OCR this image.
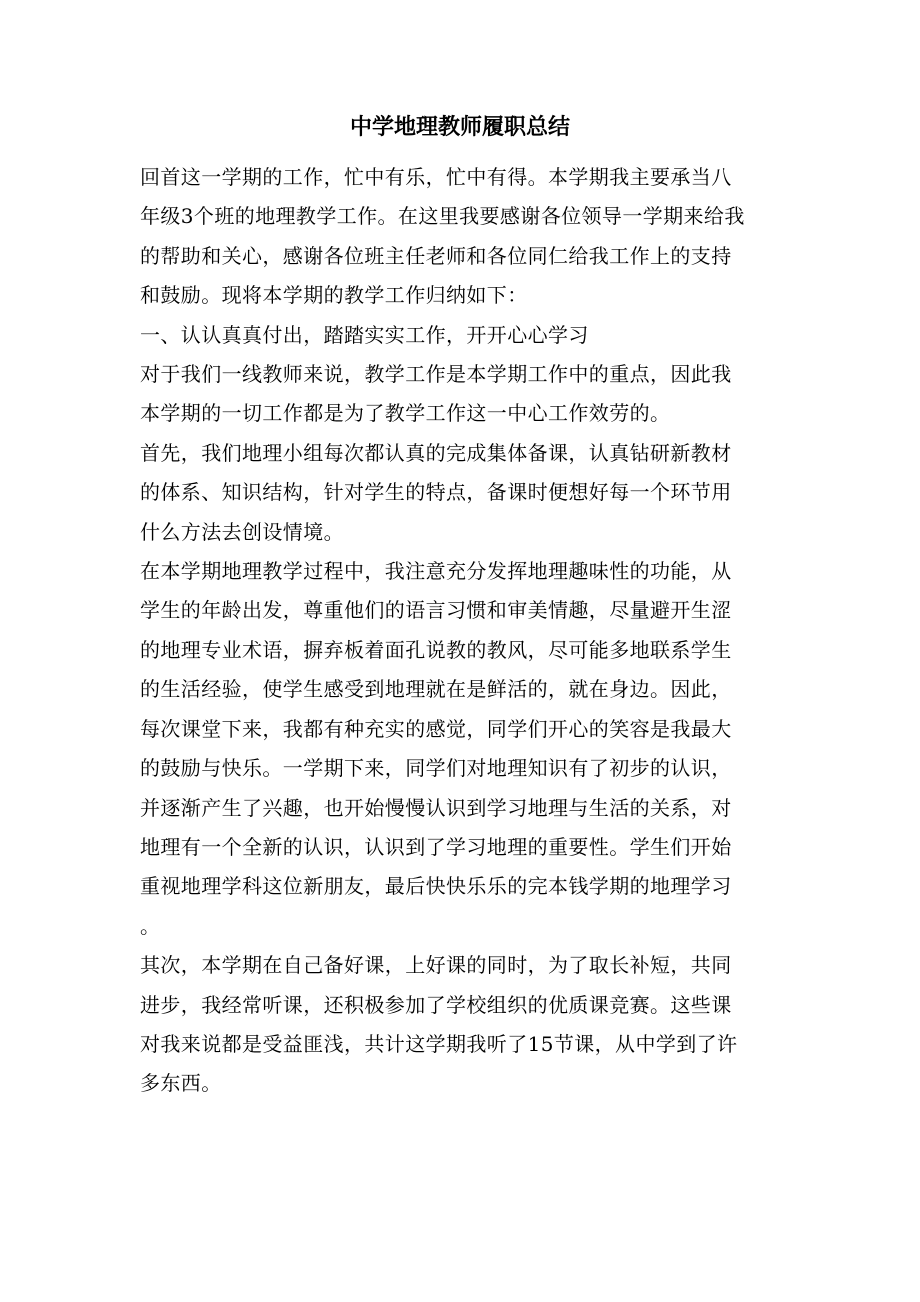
中学地理教师履职总结

回首这一学期的工作，忙中有乐，忙中有得。本学期我主要承当八
年级3个班的地理教学工作。在这里我要感谢各位领导一学期来给我
的帮助和关心，感谢各位班主任老师和各位同仁给我工作上的支持
和鼓励。现将本学期的教学工作归纳如下：

一、认认真真付出，踏踏实实工作，开开心心学习

对于我们一线教师来说，教学工作是本学期工作中的重点，因此我
本学期的一切工作都是为了教学工作这一中心工作效劳的。

首先，我们地理小组每次都认真的完成集体备课，认真钻研新教材
的体系、知识结构，针对学生的特点，备课时便想好每一个环节用
什么方法去创设情境。

在本学期地理教学过程中，我注意充分发挥地理趣味性的功能，从
学生的年龄出发，尊重他们的语言习惯和审美情趣，尽量避开生涩
的地理专业术语，摒弃板着面孔说教的教风，尽可能多地联系学生
的生活经验，使学生感受到地理就在是鲜活的，就在身边。因此，
每次课堂下来，我都有种充实的感觉，同学们开心的笑容是我最大
的鼓励与快乐。一学期下来，同学们对地理知识有了初步的认识，
并逐渐产生了兴趣，也开始慢慢认识到学习地理与生活的关系，对
地理有一个全新的认识，认识到了学习地理的重要性。学生们开始
重视地理学科这位新朋友，最后快快乐乐的完本钱学期的地理学习
。

其次，本学期在自己备好课，上好课的同时，为了取长补短，共同
进步，我经常听课，还积极参加了学校组织的优质课竞赛。这些课
对我来说都是受益匪浅，共计这学期我听了15节课，从中学到了许
多东西。
